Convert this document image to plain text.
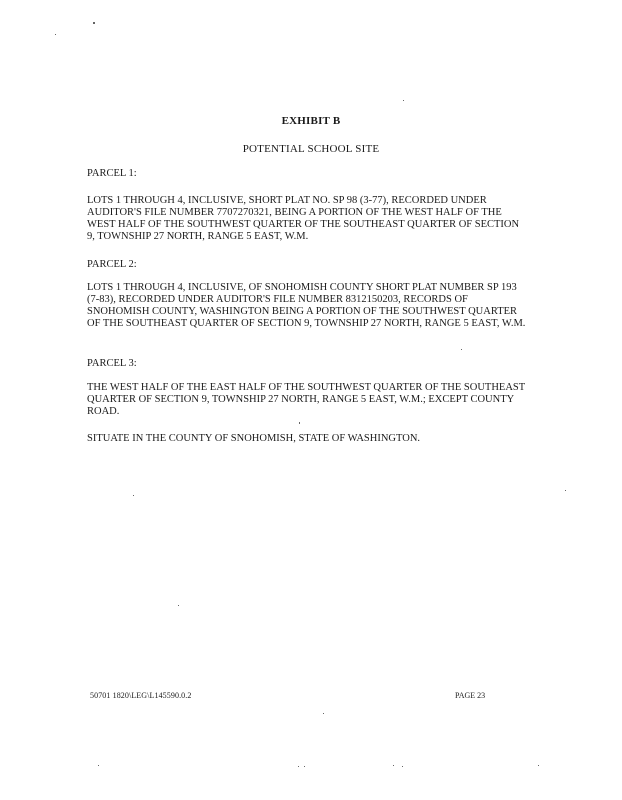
EXHIBIT B
POTENTIAL SCHOOL SITE
PARCEL 1:
LOTS 1 THROUGH 4, INCLUSIVE, SHORT PLAT NO. SP 98 (3-77), RECORDED UNDER AUDITOR'S FILE NUMBER 7707270321, BEING A PORTION OF THE WEST HALF OF THE WEST HALF OF THE SOUTHWEST QUARTER OF THE SOUTHEAST QUARTER OF SECTION 9, TOWNSHIP 27 NORTH, RANGE 5 EAST, W.M.
PARCEL 2:
LOTS 1 THROUGH 4, INCLUSIVE, OF SNOHOMISH COUNTY SHORT PLAT NUMBER SP 193 (7-83), RECORDED UNDER AUDITOR'S FILE NUMBER 8312150203, RECORDS OF SNOHOMISH COUNTY, WASHINGTON BEING A PORTION OF THE SOUTHWEST QUARTER OF THE SOUTHEAST QUARTER OF SECTION 9, TOWNSHIP 27 NORTH, RANGE 5 EAST, W.M.
PARCEL 3:
THE WEST HALF OF THE EAST HALF OF THE SOUTHWEST QUARTER OF THE SOUTHEAST QUARTER OF SECTION 9, TOWNSHIP 27 NORTH, RANGE 5 EAST, W.M.; EXCEPT COUNTY ROAD.
SITUATE IN THE COUNTY OF SNOHOMISH, STATE OF WASHINGTON.
50701 1820\LEG\L145590.0.2	PAGE 23
